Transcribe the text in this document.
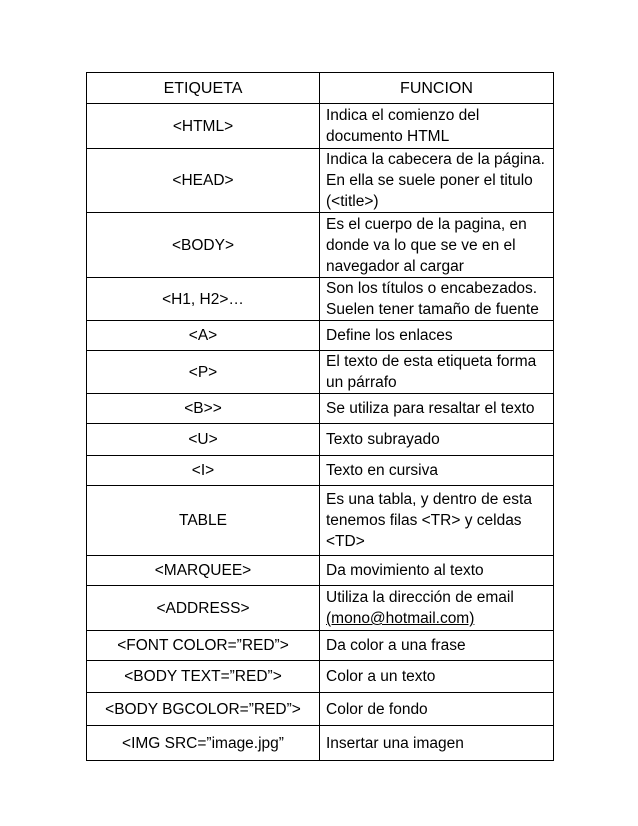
ETIQUETA	FUNCION
<HTML>	Indica el comienzo del
documento HTML

<HEAD>	Indica la cabecera de la página.
En ella se suele poner el titulo
(<title>)

<BODY>	Es el cuerpo de la pagina, en
donde va lo que se ve en el
navegador al cargar

<H1, H2>…	Son los títulos o encabezados.
Suelen tener tamaño de fuente

<A>	Define los enlaces

<P>	El texto de esta etiqueta forma
un párrafo

<B>>	Se utiliza para resaltar el texto

<U>	Texto subrayado

<I>	Texto en cursiva

TABLE	Es una tabla, y dentro de esta
tenemos filas <TR> y celdas
<TD>

<MARQUEE>	Da movimiento al texto

<ADDRESS>	Utiliza la dirección de email
(mono@hotmail.com)

<FONT COLOR=”RED”>	Da color a una frase

<BODY TEXT=”RED”>	Color a un texto

<BODY BGCOLOR=”RED”>	Color de fondo

<IMG SRC=”image.jpg”	Insertar una imagen
